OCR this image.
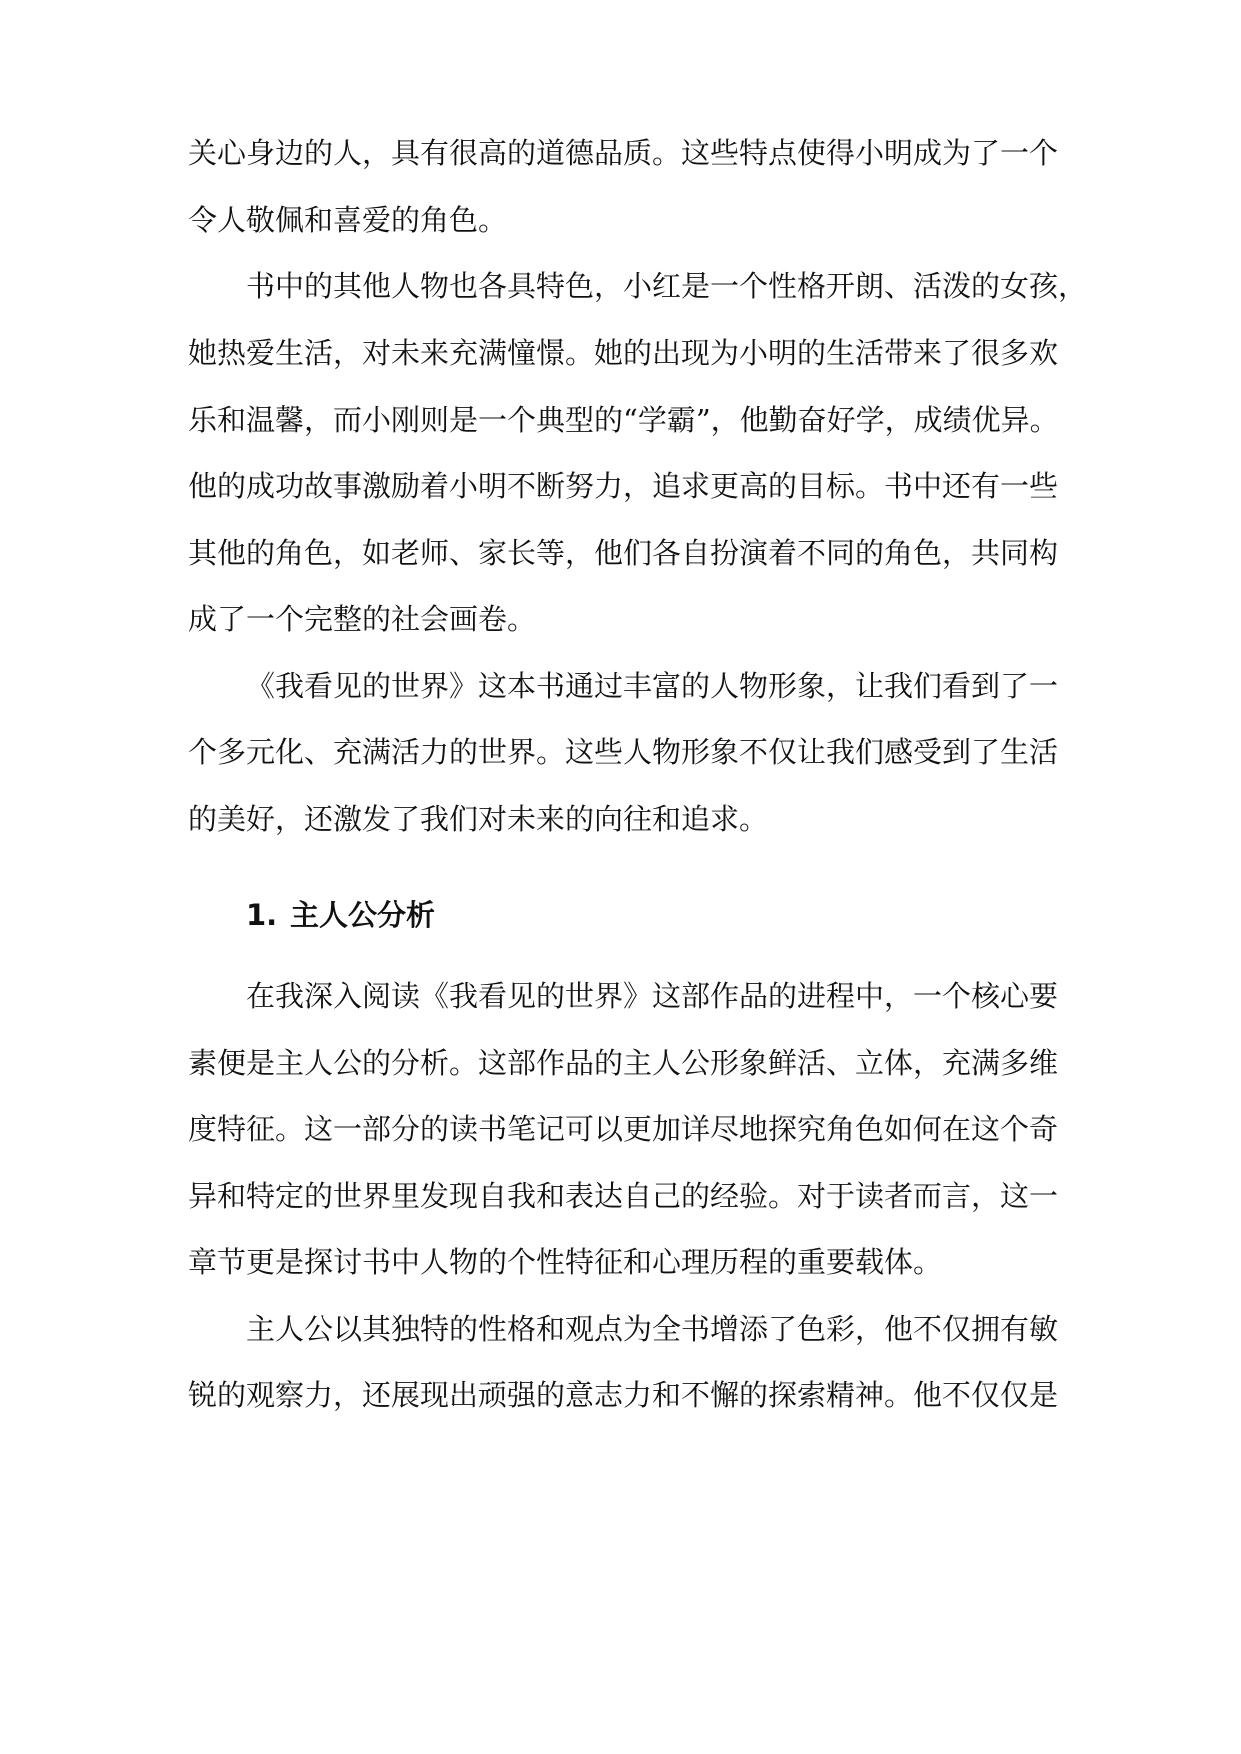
关心身边的人，具有很高的道德品质。这些特点使得小明成为了一个
令人敬佩和喜爱的角色。
书中的其他人物也各具特色，小红是一个性格开朗、活泼的女孩，
她热爱生活，对未来充满憧憬。她的出现为小明的生活带来了很多欢
乐和温馨，而小刚则是一个典型的“学霸”，他勤奋好学，成绩优异。
他的成功故事激励着小明不断努力，追求更高的目标。书中还有一些
其他的角色，如老师、家长等，他们各自扮演着不同的角色，共同构
成了一个完整的社会画卷。
《我看见的世界》这本书通过丰富的人物形象，让我们看到了一
个多元化、充满活力的世界。这些人物形象不仅让我们感受到了生活
的美好，还激发了我们对未来的向往和追求。
1. 主人公分析
在我深入阅读《我看见的世界》这部作品的进程中，一个核心要
素便是主人公的分析。这部作品的主人公形象鲜活、立体，充满多维
度特征。这一部分的读书笔记可以更加详尽地探究角色如何在这个奇
异和特定的世界里发现自我和表达自己的经验。对于读者而言，这一
章节更是探讨书中人物的个性特征和心理历程的重要载体。
主人公以其独特的性格和观点为全书增添了色彩，他不仅拥有敏
锐的观察力，还展现出顽强的意志力和不懈的探索精神。他不仅仅是
